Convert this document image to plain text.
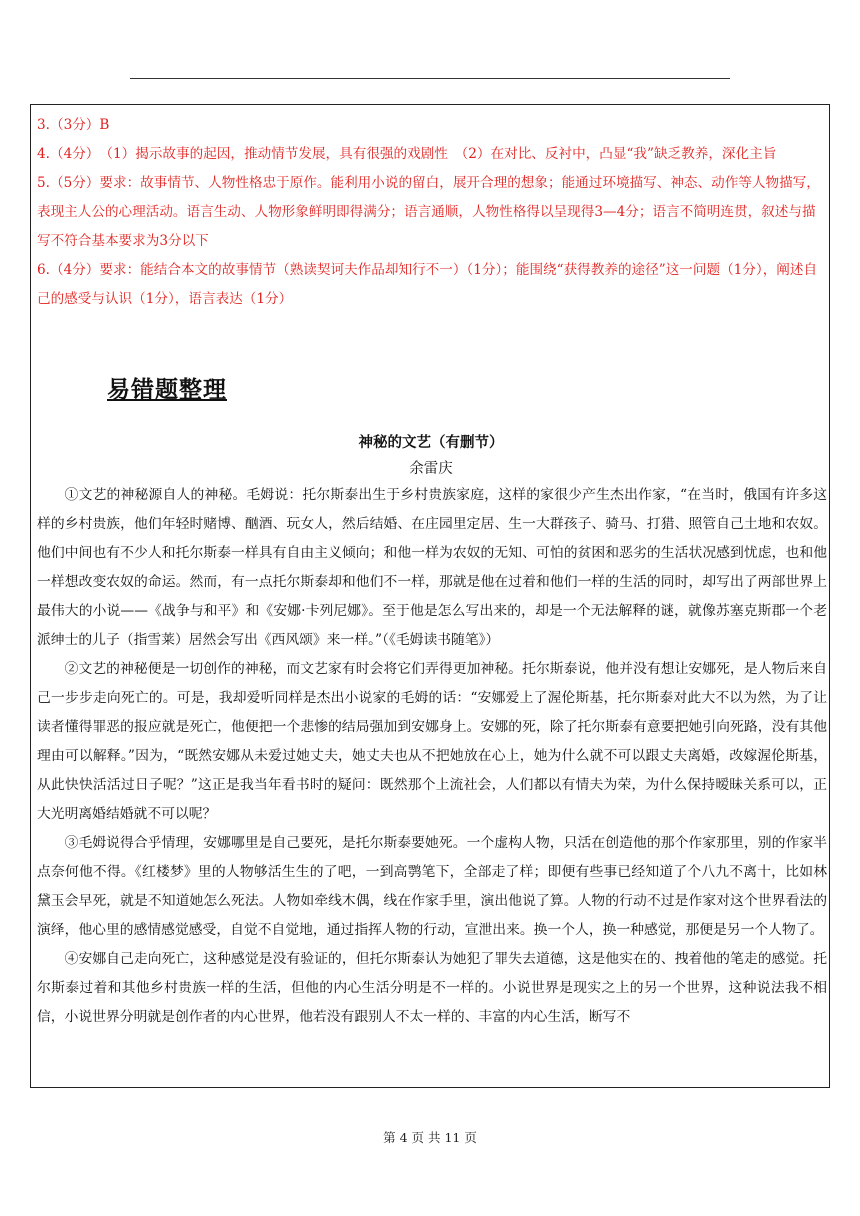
3.（3分）B

4.（4分）　（1）揭示故事的起因，推动情节发展，具有很强的戏剧性　（2）在对比、反衬中，凸显“我”缺乏教养，深化主旨

5.（5分）要求：故事情节、人物性格忠于原作。能利用小说的留白，展开合理的想象；能通过环境描写、神态、动作等人物描写，表现主人公的心理活动。语言生动、人物形象鲜明即得满分；语言通顺，人物性格得以呈现得3—4分；语言不简明连贯，叙述与描写不符合基本要求为3分以下

6.（4分）要求：能结合本文的故事情节（熟读契诃夫作品却知行不一）（1分）；能围绕“获得教养的途径”这一问题（1分），阐述自己的感受与认识（1分），语言表达（1分）

易错题整理
神秘的文艺（有删节）
余雷庆

①文艺的神秘源自人的神秘。毛姆说：托尔斯泰出生于乡村贵族家庭，这样的家很少产生杰出作家，“在当时，俄国有许多这样的乡村贵族，他们年轻时赌博、酗酒、玩女人，然后结婚、在庄园里定居、生一大群孩子、骑马、打猎、照管自己土地和农奴。他们中间也有不少人和托尔斯泰一样具有自由主义倾向；和他一样为农奴的无知、可怕的贫困和恶劣的生活状况感到忧虑，也和他一样想改变农奴的命运。然而，有一点托尔斯泰却和他们不一样，那就是他在过着和他们一样的生活的同时，却写出了两部世界上最伟大的小说——《战争与和平》和《安娜·卡列尼娜》。至于他是怎么写出来的，却是一个无法解释的谜，就像苏塞克斯郡一个老派绅士的儿子（指雪莱）居然会写出《西风颂》来一样。”（《毛姆读书随笔》）

②文艺的神秘便是一切创作的神秘，而文艺家有时会将它们弄得更加神秘。托尔斯泰说，他并没有想让安娜死，是人物后来自己一步步走向死亡的。可是，我却爱听同样是杰出小说家的毛姆的话：“安娜爱上了渥伦斯基，托尔斯泰对此大不以为然，为了让读者懂得罪恶的报应就是死亡，他便把一个悲惨的结局强加到安娜身上。安娜的死，除了托尔斯泰有意要把她引向死路，没有其他理由可以解释。”因为，“既然安娜从未爱过她丈夫，她丈夫也从不把她放在心上，她为什么就不可以跟丈夫离婚，改嫁渥伦斯基，从此快快活活过日子呢？”这正是我当年看书时的疑问：既然那个上流社会，人们都以有情夫为荣，为什么保持暧昧关系可以，正大光明离婚结婚就不可以呢？

③毛姆说得合乎情理，安娜哪里是自己要死，是托尔斯泰要她死。一个虚构人物，只活在创造他的那个作家那里，别的作家半点奈何他不得。《红楼梦》里的人物够活生生的了吧，一到高鹗笔下，全部走了样；即便有些事已经知道了个八九不离十，比如林黛玉会早死，就是不知道她怎么死法。人物如牵线木偶，线在作家手里，演出他说了算。人物的行动不过是作家对这个世界看法的演绎，他心里的感情感觉感受，自觉不自觉地，通过指挥人物的行动，宣泄出来。换一个人，换一种感觉，那便是另一个人物了。

④安娜自己走向死亡，这种感觉是没有验证的，但托尔斯泰认为她犯了罪失去道德，这是他实在的、拽着他的笔走的感觉。托尔斯泰过着和其他乡村贵族一样的生活，但他的内心生活分明是不一样的。小说世界是现实之上的另一个世界，这种说法我不相信，小说世界分明就是创作者的内心世界，他若没有跟别人不太一样的、丰富的内心生活，断写不

第 4 页 共 11 页
